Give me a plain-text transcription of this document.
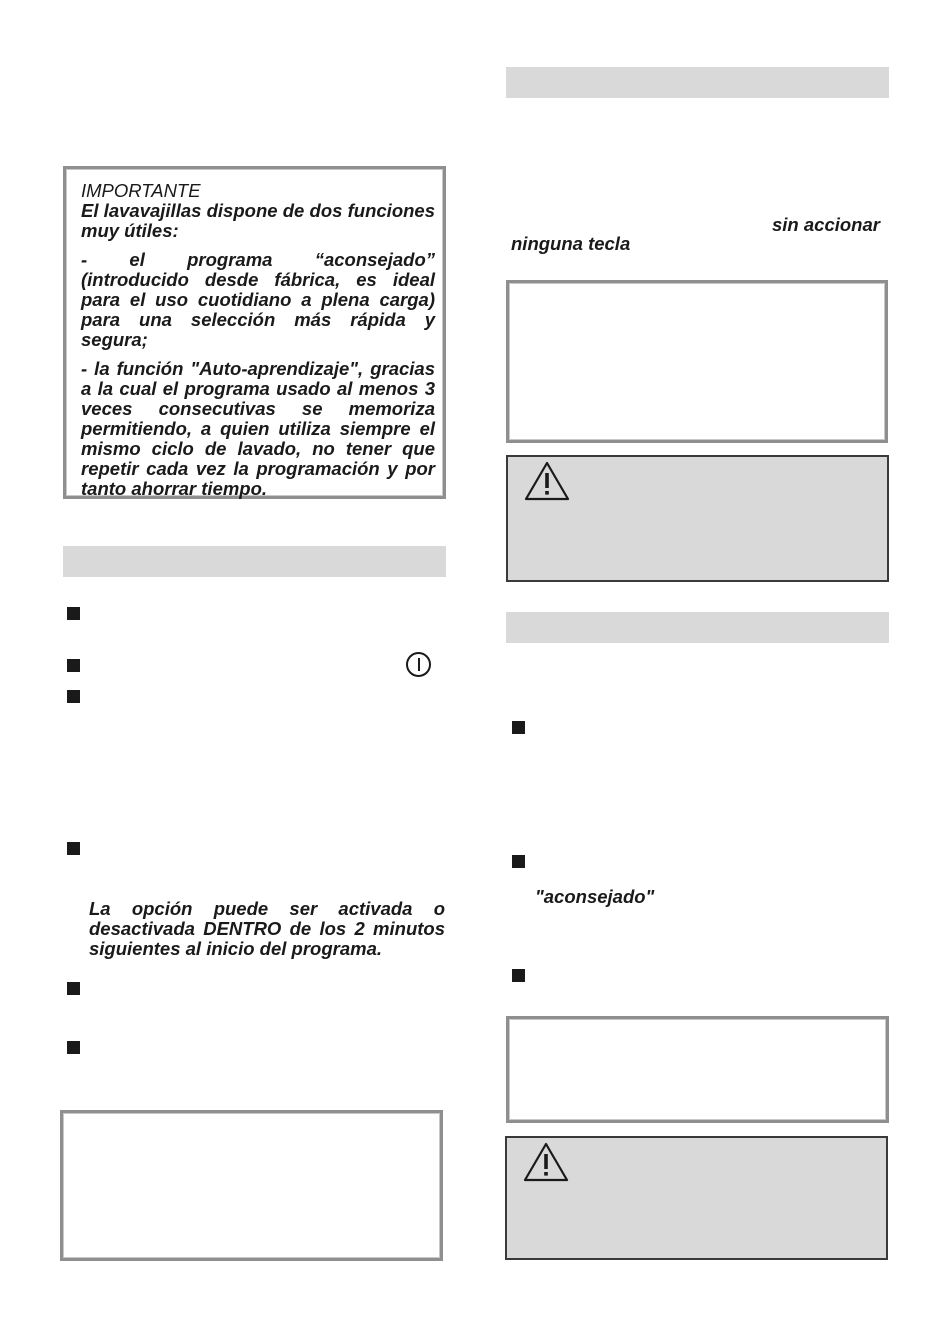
IMPORTANTE

El lavavajillas dispone de dos funciones muy útiles:

- el programa “aconsejado” (introducido desde fábrica, es ideal para el uso cuotidiano a plena carga) para una selección más rápida y segura;

- la función "Auto-aprendizaje", gracias a la cual el programa usado al menos 3 veces consecutivas se memoriza permitiendo, a quien utiliza siempre el mismo ciclo de lavado, no tener que repetir cada vez la programación y por tanto ahorrar tiempo.

La opción puede ser activada o desactivada DENTRO de los 2 minutos siguientes al inicio del programa.
sin accionar
ninguna tecla
"aconsejado"
